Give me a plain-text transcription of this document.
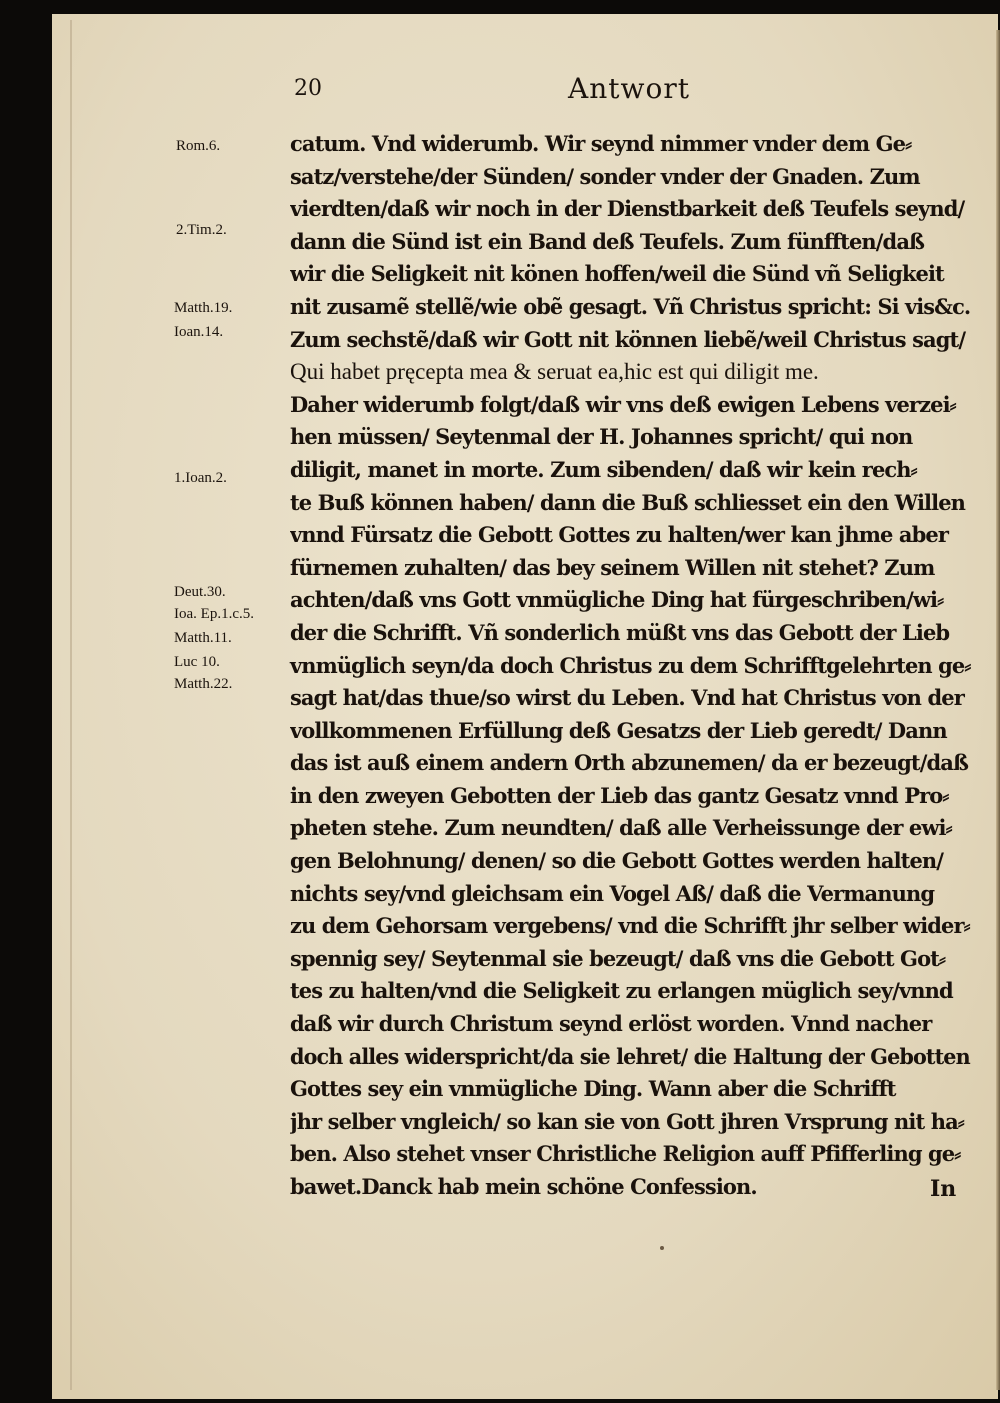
20	Antwort
Rom.6.
2.Tim.2.
Matth.19.
Ioan.14.
1.Ioan.2.
Deut.30.
Ioa. Ep.1.c.5.
Matth.11.
Luc 10.
Matth.22.
catum. Vnd widerumb. Wir seynd nimmer vnder dem Ge⸗
satz/verstehe/der Sünden/ sonder vnder der Gnaden. Zum
vierdten/daß wir noch in der Dienstbarkeit deß Teufels seynd/
dann die Sünd ist ein Band deß Teufels. Zum fünfften/daß
wir die Seligkeit nit könen hoffen/weil die Sünd vñ Seligkeit
nit zusamẽ stellẽ/wie obẽ gesagt. Vñ Christus spricht: Si vis&c.
Zum sechstẽ/daß wir Gott nit können liebẽ/weil Christus sagt/
Qui habet pręcepta mea & seruat ea,hic est qui diligit me.
Daher widerumb folgt/daß wir vns deß ewigen Lebens verzei⸗
hen müssen/ Seytenmal der H. Johannes spricht/ qui non
diligit, manet in morte. Zum sibenden/ daß wir kein rech⸗
te Buß können haben/ dann die Buß schliesset ein den Willen
vnnd Fürsatz die Gebott Gottes zu halten/wer kan jhme aber
fürnemen zuhalten/ das bey seinem Willen nit stehet? Zum
achten/daß vns Gott vnmügliche Ding hat fürgeschriben/wi⸗
der die Schrifft. Vñ sonderlich müßt vns das Gebott der Lieb
vnmüglich seyn/da doch Christus zu dem Schrifftgelehrten ge⸗
sagt hat/das thue/so wirst du Leben. Vnd hat Christus von der
vollkommenen Erfüllung deß Gesatzs der Lieb geredt/ Dann
das ist auß einem andern Orth abzunemen/ da er bezeugt/daß
in den zweyen Gebotten der Lieb das gantz Gesatz vnnd Pro⸗
pheten stehe. Zum neundten/ daß alle Verheissunge der ewi⸗
gen Belohnung/ denen/ so die Gebott Gottes werden halten/
nichts sey/vnd gleichsam ein Vogel Aß/ daß die Vermanung
zu dem Gehorsam vergebens/ vnd die Schrifft jhr selber wider⸗
spennig sey/ Seytenmal sie bezeugt/ daß vns die Gebott Got⸗
tes zu halten/vnd die Seligkeit zu erlangen müglich sey/vnnd
daß wir durch Christum seynd erlöst worden. Vnnd nacher
doch alles widerspricht/da sie lehret/ die Haltung der Gebotten
Gottes sey ein vnmügliche Ding. Wann aber die Schrifft
jhr selber vngleich/ so kan sie von Gott jhren Vrsprung nit ha⸗
ben. Also stehet vnser Christliche Religion auff Pfifferling ge⸗
bawet.Danck hab mein schöne Confession.	In
